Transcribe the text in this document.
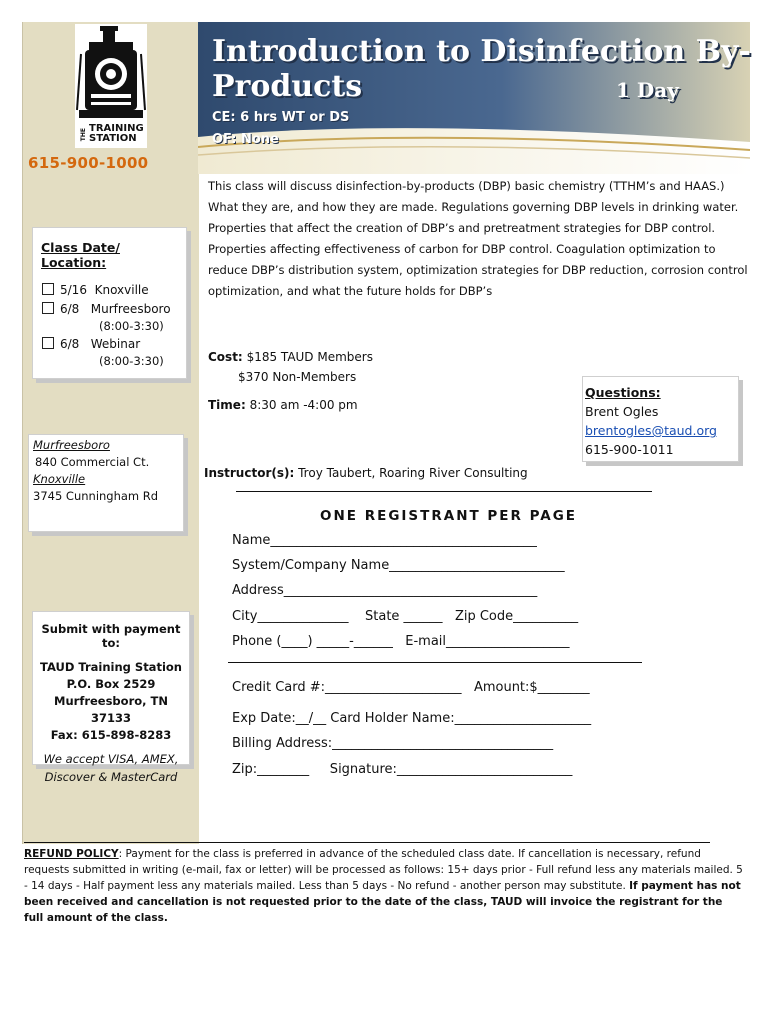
THE TRAINING
STATION
615-900-1000
Class Date/ Location:
5/16 Knoxville
6/8 Murfreesboro
(8:00-3:30)
6/8 Webinar
(8:00-3:30)
Murfreesboro
840 Commercial Ct.
Knoxville
3745 Cunningham Rd
Submit with payment to:
TAUD Training Station
P.O. Box 2529
Murfreesboro, TN 37133
Fax: 615-898-8283
We accept VISA, AMEX,
Discover & MasterCard
Introduction to Disinfection By-
Products	1 Day
CE: 6 hrs WT or DS
OF: None
This class will discuss disinfection-by-products (DBP) basic chemistry (TTHM’s and HAAS.) What they are, and how they are made. Regulations governing DBP levels in drinking water. Properties that affect the creation of DBP’s and pretreatment strategies for DBP control. Properties affecting effectiveness of carbon for DBP control. Coagulation optimization to reduce DBP’s distribution system, optimization strategies for DBP reduction, corrosion control optimization, and what the future holds for DBP’s
Cost: $185 TAUD Members
$370 Non-Members
Time: 8:30 am -4:00 pm
Questions:
Brent Ogles
brentogles@taud.org
615-900-1011
Instructor(s): Troy Taubert, Roaring River Consulting
ONE REGISTRANT PER PAGE
Name_________________________________________
System/Company Name___________________________
Address_______________________________________
City______________    State ______   Zip Code__________
Phone (____) _____-______   E-mail___________________
Credit Card #:_____________________   Amount:$________
Exp Date:__/__ Card Holder Name:_____________________
Billing Address:__________________________________
Zip:________     Signature:___________________________
REFUND POLICY: Payment for the class is preferred in advance of the scheduled class date. If cancellation is necessary, refund requests submitted in writing (e-mail, fax or letter) will be processed as follows: 15+ days prior - Full refund less any materials mailed. 5 - 14 days - Half payment less any materials mailed. Less than 5 days - No refund - another person may substitute. If payment has not been received and cancellation is not requested prior to the date of the class, TAUD will invoice the registrant for the full amount of the class.
